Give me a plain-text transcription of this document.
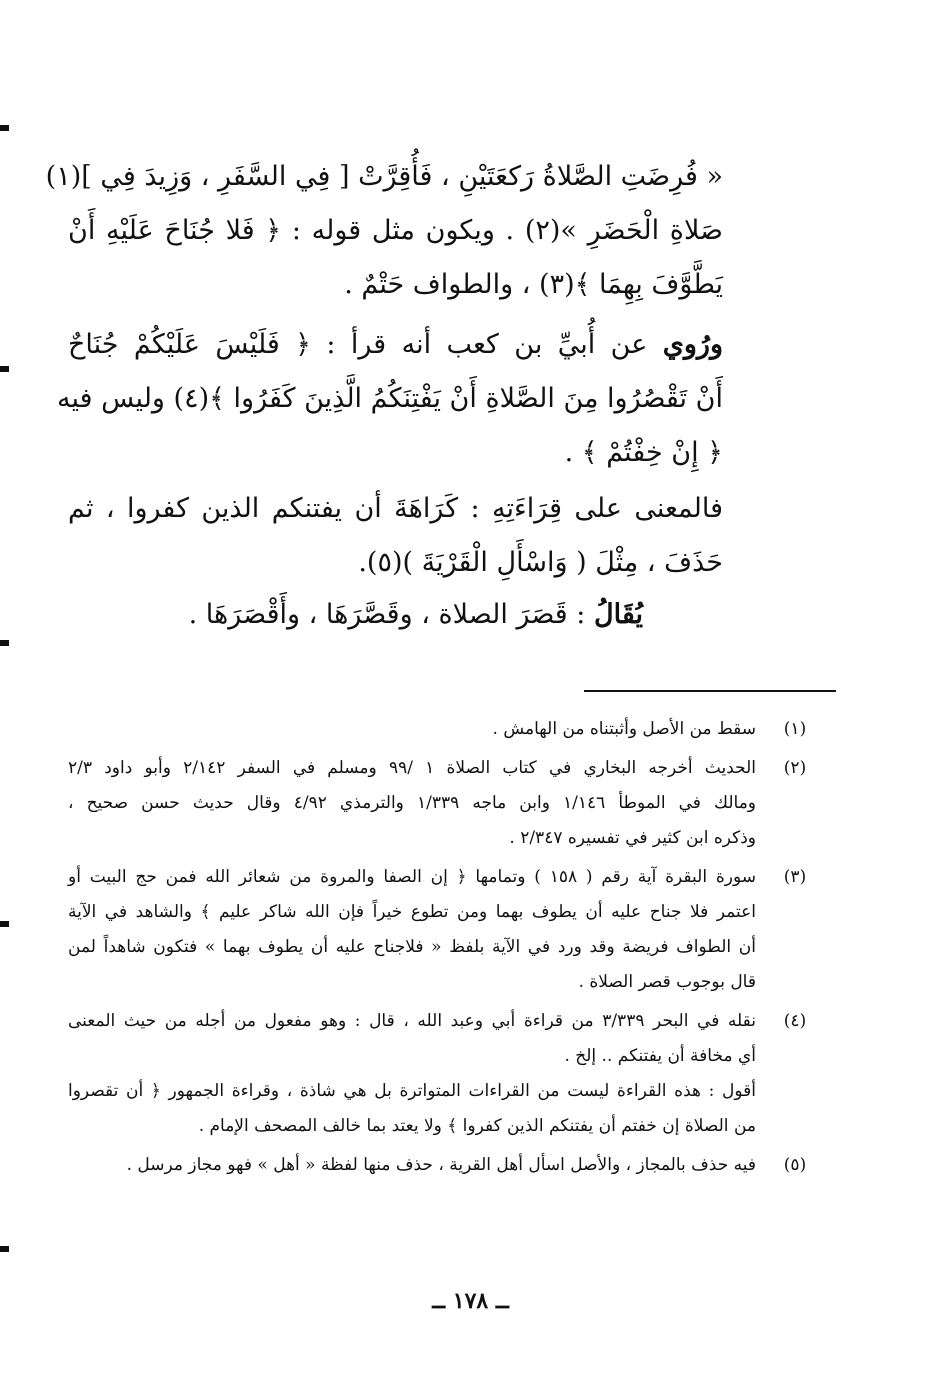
« فُرِضَتِ الصَّلاةُ رَكعَتَيْنِ ، فَأُقِرَّتْ [ فِي السَّفَرِ ، وَزِيدَ فِي ](١)
صَلاةِ الْحَضَرِ »(٢) . ويكون مثل قوله : ﴿ فَلا جُنَاحَ عَلَيْهِ أَنْ
يَطَّوَّفَ بِهِمَا ﴾(٣) ، والطواف حَتْمٌ .
ورُوي عن أُبيِّ بن كعب أنه قرأ : ﴿ فَلَيْسَ عَلَيْكُمْ جُنَاحٌ
أَنْ تَقْصُرُوا مِنَ الصَّلاةِ أَنْ يَفْتِنَكُمُ الَّذِينَ كَفَرُوا ﴾(٤) وليس فيه
﴿ إِنْ خِفْتُمْ ﴾ .
فالمعنى على قِرَاءَتِهِ : كَرَاهَةَ أن يفتنكم الذين كفروا ، ثم
حَذَفَ ، مِثْلَ ( وَاسْأَلِ الْقَرْيَةَ )(٥).
يُقَالُ : قَصَرَ الصلاة ، وقَصَّرَهَا ، وأَقْصَرَهَا .
(١)
سقط من الأصل وأثبتناه من الهامش .
(٢)
الحديث أخرجه البخاري في كتاب الصلاة ١ /٩٩ ومسلم في السفر ٢/١٤٢ وأبو داود ٢/٣
ومالك في الموطأ ١/١٤٦ وابن ماجه ١/٣٣٩ والترمذي ٤/٩٢ وقال حديث حسن صحيح ،
وذكره ابن كثير في تفسيره ٢/٣٤٧ .
(٣)
سورة البقرة آية رقم ( ١٥٨ ) وتمامها ﴿ إن الصفا والمروة من شعائر الله فمن حج البيت أو
اعتمر فلا جناح عليه أن يطوف بهما ومن تطوع خيراً فإن الله شاكر عليم ﴾ والشاهد في الآية
أن الطواف فريضة وقد ورد في الآية بلفظ « فلاجناح عليه أن يطوف بهما » فتكون شاهداً لمن
قال بوجوب قصر الصلاة .
(٤)
نقله في البحر ٣/٣٣٩ من قراءة أبي وعبد الله ، قال : وهو مفعول من أجله من حيث المعنى
أي مخافة أن يفتنكم .. إلخ .
أقول : هذه القراءة ليست من القراءات المتواترة بل هي شاذة ، وقراءة الجمهور ﴿ أن تقصروا
من الصلاة إن خفتم أن يفتنكم الذين كفروا ﴾ ولا يعتد بما خالف المصحف الإمام .
(٥)
فيه حذف بالمجاز ، والأصل اسأل أهل القرية ، حذف منها لفظة « أهل » فهو مجاز مرسل .
ــ ١٧٨ ــ
